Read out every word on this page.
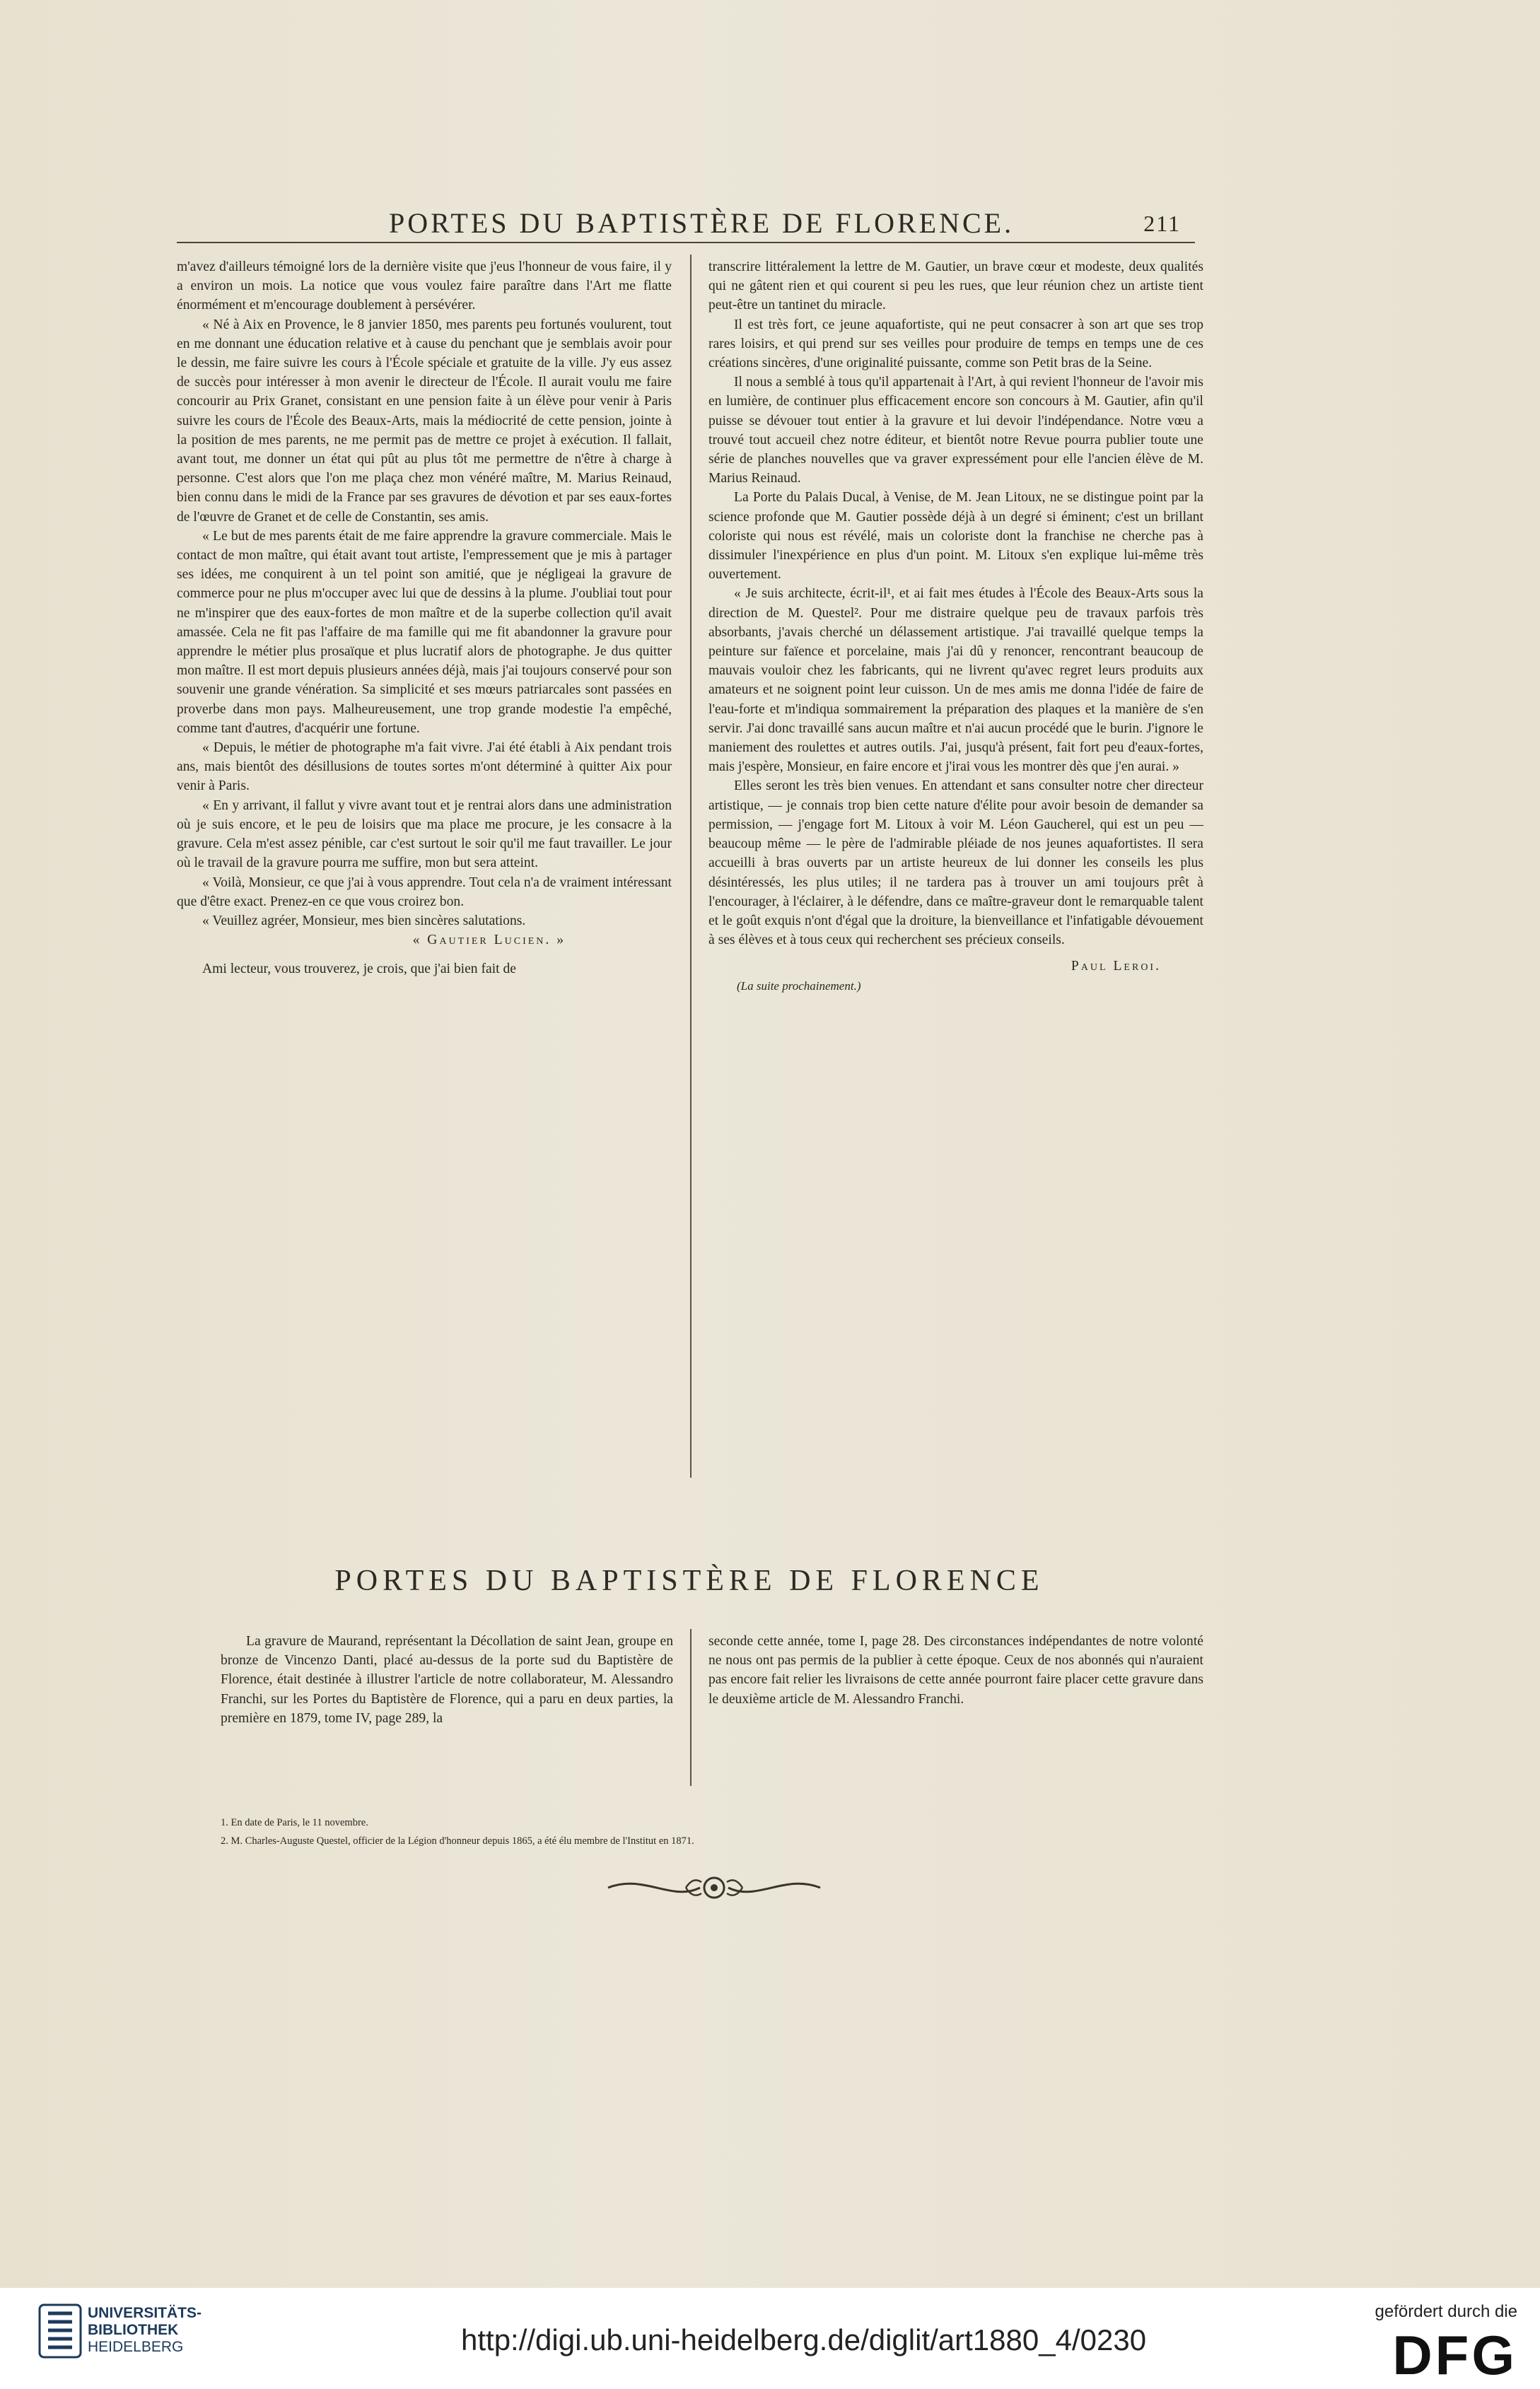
PORTES DU BAPTISTÈRE DE FLORENCE.	211

m'avez d'ailleurs témoigné lors de la dernière visite que j'eus l'honneur de vous faire, il y a environ un mois. La notice que vous voulez faire paraître dans l'Art me flatte énormément et m'encourage doublement à persévérer.

« Né à Aix en Provence, le 8 janvier 1850, mes parents peu fortunés voulurent, tout en me donnant une éducation relative et à cause du penchant que je semblais avoir pour le dessin, me faire suivre les cours à l'École spéciale et gratuite de la ville. J'y eus assez de succès pour intéresser à mon avenir le directeur de l'École. Il aurait voulu me faire concourir au Prix Granet, consistant en une pension faite à un élève pour venir à Paris suivre les cours de l'École des Beaux-Arts, mais la médiocrité de cette pension, jointe à la position de mes parents, ne me permit pas de mettre ce projet à exécution. Il fallait, avant tout, me donner un état qui pût au plus tôt me permettre de n'être à charge à personne. C'est alors que l'on me plaça chez mon vénéré maître, M. Marius Reinaud, bien connu dans le midi de la France par ses gravures de dévotion et par ses eaux-fortes de l'œuvre de Granet et de celle de Constantin, ses amis.

« Le but de mes parents était de me faire apprendre la gravure commerciale. Mais le contact de mon maître, qui était avant tout artiste, l'empressement que je mis à partager ses idées, me conquirent à un tel point son amitié, que je négligeai la gravure de commerce pour ne plus m'occuper avec lui que de dessins à la plume. J'oubliai tout pour ne m'inspirer que des eaux-fortes de mon maître et de la superbe collection qu'il avait amassée. Cela ne fit pas l'affaire de ma famille qui me fit abandonner la gravure pour apprendre le métier plus prosaïque et plus lucratif alors de photographe. Je dus quitter mon maître. Il est mort depuis plusieurs années déjà, mais j'ai toujours conservé pour son souvenir une grande vénération. Sa simplicité et ses mœurs patriarcales sont passées en proverbe dans mon pays. Malheureusement, une trop grande modestie l'a empêché, comme tant d'autres, d'acquérir une fortune.

« Depuis, le métier de photographe m'a fait vivre. J'ai été établi à Aix pendant trois ans, mais bientôt des désillusions de toutes sortes m'ont déterminé à quitter Aix pour venir à Paris.

« En y arrivant, il fallut y vivre avant tout et je rentrai alors dans une administration où je suis encore, et le peu de loisirs que ma place me procure, je les consacre à la gravure. Cela m'est assez pénible, car c'est surtout le soir qu'il me faut travailler. Le jour où le travail de la gravure pourra me suffire, mon but sera atteint.

« Voilà, Monsieur, ce que j'ai à vous apprendre. Tout cela n'a de vraiment intéressant que d'être exact. Prenez-en ce que vous croirez bon.

« Veuillez agréer, Monsieur, mes bien sincères salutations.

« Gautier Lucien. »

Ami lecteur, vous trouverez, je crois, que j'ai bien fait de

transcrire littéralement la lettre de M. Gautier, un brave cœur et modeste, deux qualités qui ne gâtent rien et qui courent si peu les rues, que leur réunion chez un artiste tient peut-être un tantinet du miracle.

Il est très fort, ce jeune aquafortiste, qui ne peut consacrer à son art que ses trop rares loisirs, et qui prend sur ses veilles pour produire de temps en temps une de ces créations sincères, d'une originalité puissante, comme son Petit bras de la Seine.

Il nous a semblé à tous qu'il appartenait à l'Art, à qui revient l'honneur de l'avoir mis en lumière, de continuer plus efficacement encore son concours à M. Gautier, afin qu'il puisse se dévouer tout entier à la gravure et lui devoir l'indépendance. Notre vœu a trouvé tout accueil chez notre éditeur, et bientôt notre Revue pourra publier toute une série de planches nouvelles que va graver expressément pour elle l'ancien élève de M. Marius Reinaud.

La Porte du Palais Ducal, à Venise, de M. Jean Litoux, ne se distingue point par la science profonde que M. Gautier possède déjà à un degré si éminent; c'est un brillant coloriste qui nous est révélé, mais un coloriste dont la franchise ne cherche pas à dissimuler l'inexpérience en plus d'un point. M. Litoux s'en explique lui-même très ouvertement.

« Je suis architecte, écrit-il¹, et ai fait mes études à l'École des Beaux-Arts sous la direction de M. Questel². Pour me distraire quelque peu de travaux parfois très absorbants, j'avais cherché un délassement artistique. J'ai travaillé quelque temps la peinture sur faïence et porcelaine, mais j'ai dû y renoncer, rencontrant beaucoup de mauvais vouloir chez les fabricants, qui ne livrent qu'avec regret leurs produits aux amateurs et ne soignent point leur cuisson. Un de mes amis me donna l'idée de faire de l'eau-forte et m'indiqua sommairement la préparation des plaques et la manière de s'en servir. J'ai donc travaillé sans aucun maître et n'ai aucun procédé que le burin. J'ignore le maniement des roulettes et autres outils. J'ai, jusqu'à présent, fait fort peu d'eaux-fortes, mais j'espère, Monsieur, en faire encore et j'irai vous les montrer dès que j'en aurai. »

Elles seront les très bien venues. En attendant et sans consulter notre cher directeur artistique, — je connais trop bien cette nature d'élite pour avoir besoin de demander sa permission, — j'engage fort M. Litoux à voir M. Léon Gaucherel, qui est un peu — beaucoup même — le père de l'admirable pléiade de nos jeunes aquafortistes. Il sera accueilli à bras ouverts par un artiste heureux de lui donner les conseils les plus désintéressés, les plus utiles; il ne tardera pas à trouver un ami toujours prêt à l'encourager, à l'éclairer, à le défendre, dans ce maître-graveur dont le remarquable talent et le goût exquis n'ont d'égal que la droiture, la bienveillance et l'infatigable dévouement à ses élèves et à tous ceux qui recherchent ses précieux conseils.

Paul Leroi.

(La suite prochainement.)

PORTES DU BAPTISTÈRE DE FLORENCE

La gravure de Maurand, représentant la Décollation de saint Jean, groupe en bronze de Vincenzo Danti, placé au-dessus de la porte sud du Baptistère de Florence, était destinée à illustrer l'article de notre collaborateur, M. Alessandro Franchi, sur les Portes du Baptistère de Florence, qui a paru en deux parties, la première en 1879, tome IV, page 289, la

seconde cette année, tome I, page 28. Des circonstances indépendantes de notre volonté ne nous ont pas permis de la publier à cette époque. Ceux de nos abonnés qui n'auraient pas encore fait relier les livraisons de cette année pourront faire placer cette gravure dans le deuxième article de M. Alessandro Franchi.

1. En date de Paris, le 11 novembre.
2. M. Charles-Auguste Questel, officier de la Légion d'honneur depuis 1865, a été élu membre de l'Institut en 1871.
UNIVERSITÄTS-
BIBLIOTHEK
HEIDELBERG	http://digi.ub.uni-heidelberg.de/diglit/art1880_4/0230
gefördert durch die
DFG
